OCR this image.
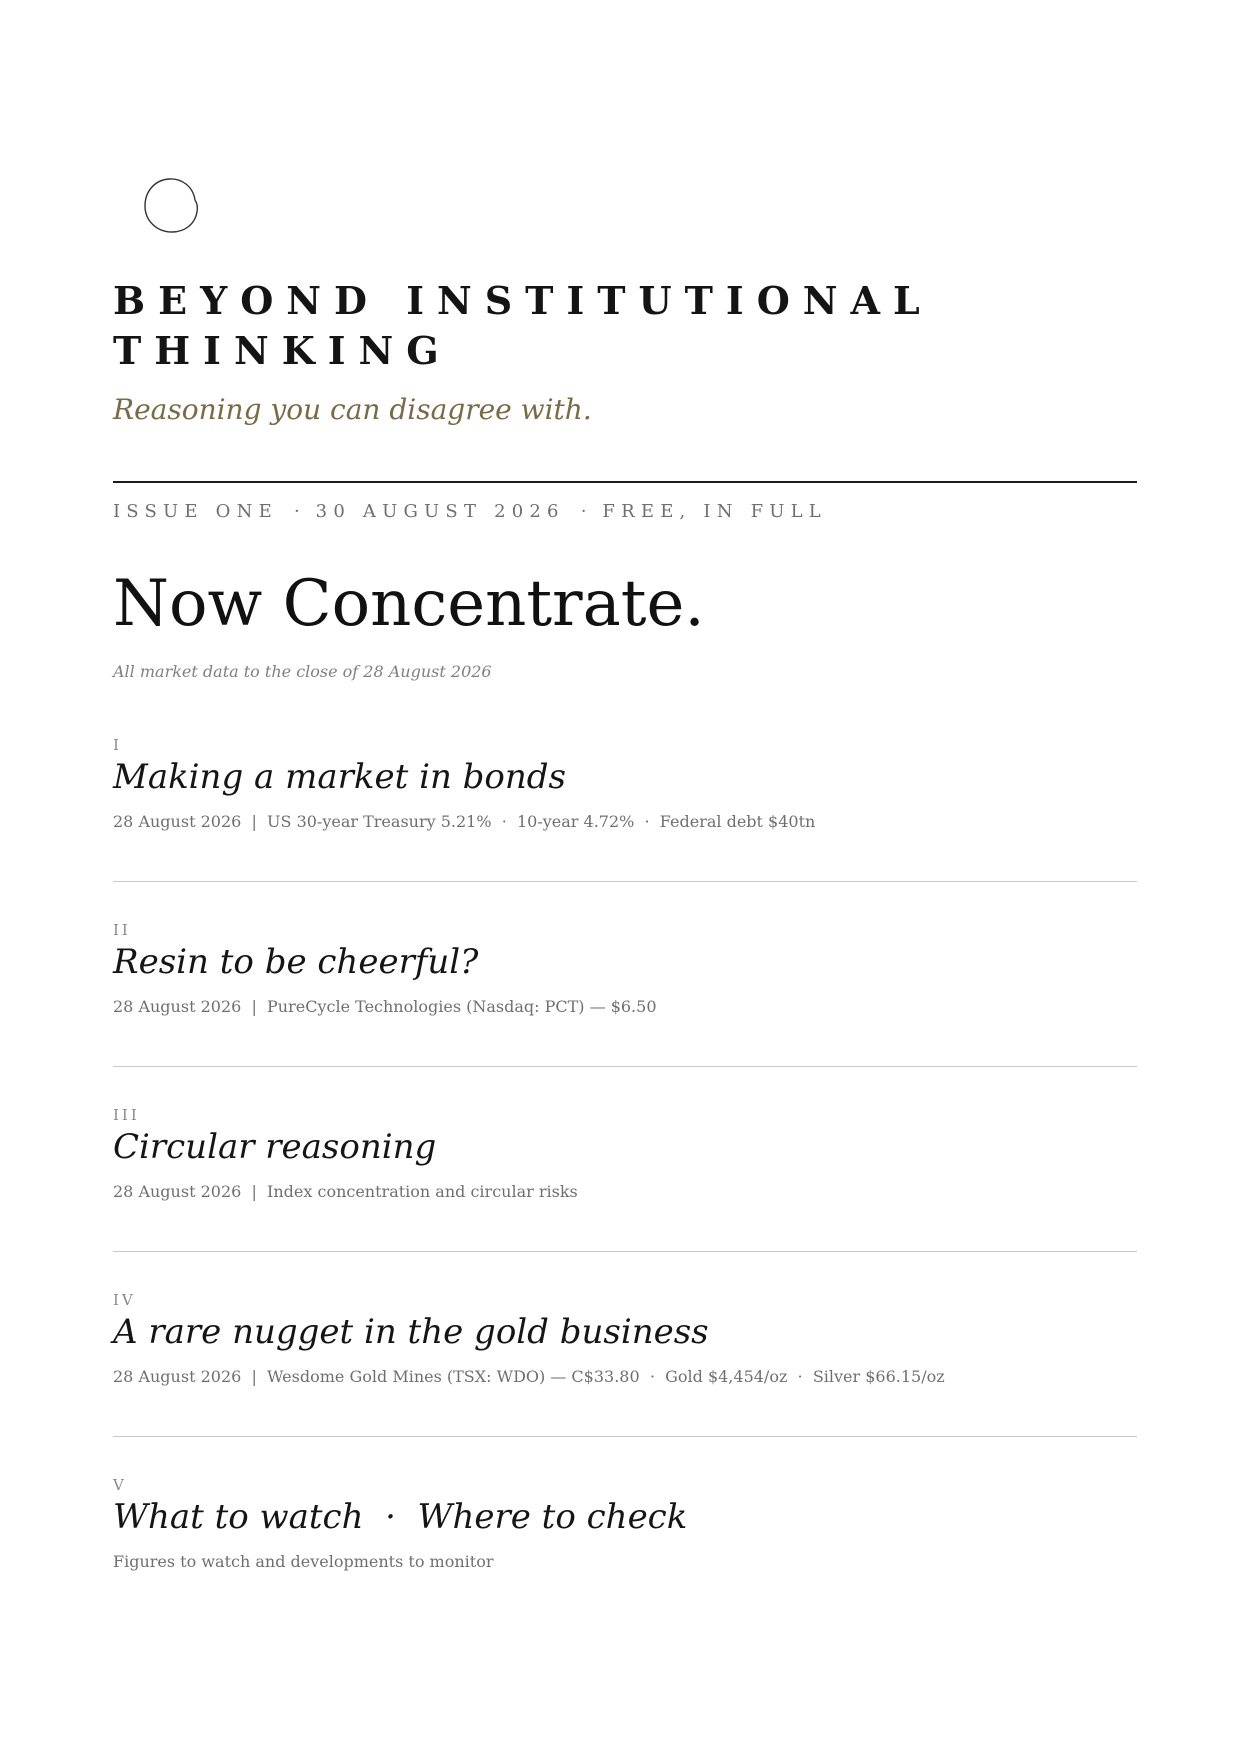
BEYOND INSTITUTIONAL
THINKING

Reasoning you can disagree with.

ISSUE ONE · 30 AUGUST 2026 · FREE, IN FULL
Now Concentrate.
All market data to the close of 28 August 2026
I
Making a market in bonds
28 August 2026  |  US 30-year Treasury 5.21%  ·  10-year 4.72%  ·  Federal debt $40tn
II
Resin to be cheerful?
28 August 2026  |  PureCycle Technologies (Nasdaq: PCT) — $6.50
III
Circular reasoning
28 August 2026  |  Index concentration and circular risks
IV
A rare nugget in the gold business
28 August 2026  |  Wesdome Gold Mines (TSX: WDO) — C$33.80  ·  Gold $4,454/oz  ·  Silver $66.15/oz
V
What to watch  ·  Where to check
Figures to watch and developments to monitor
